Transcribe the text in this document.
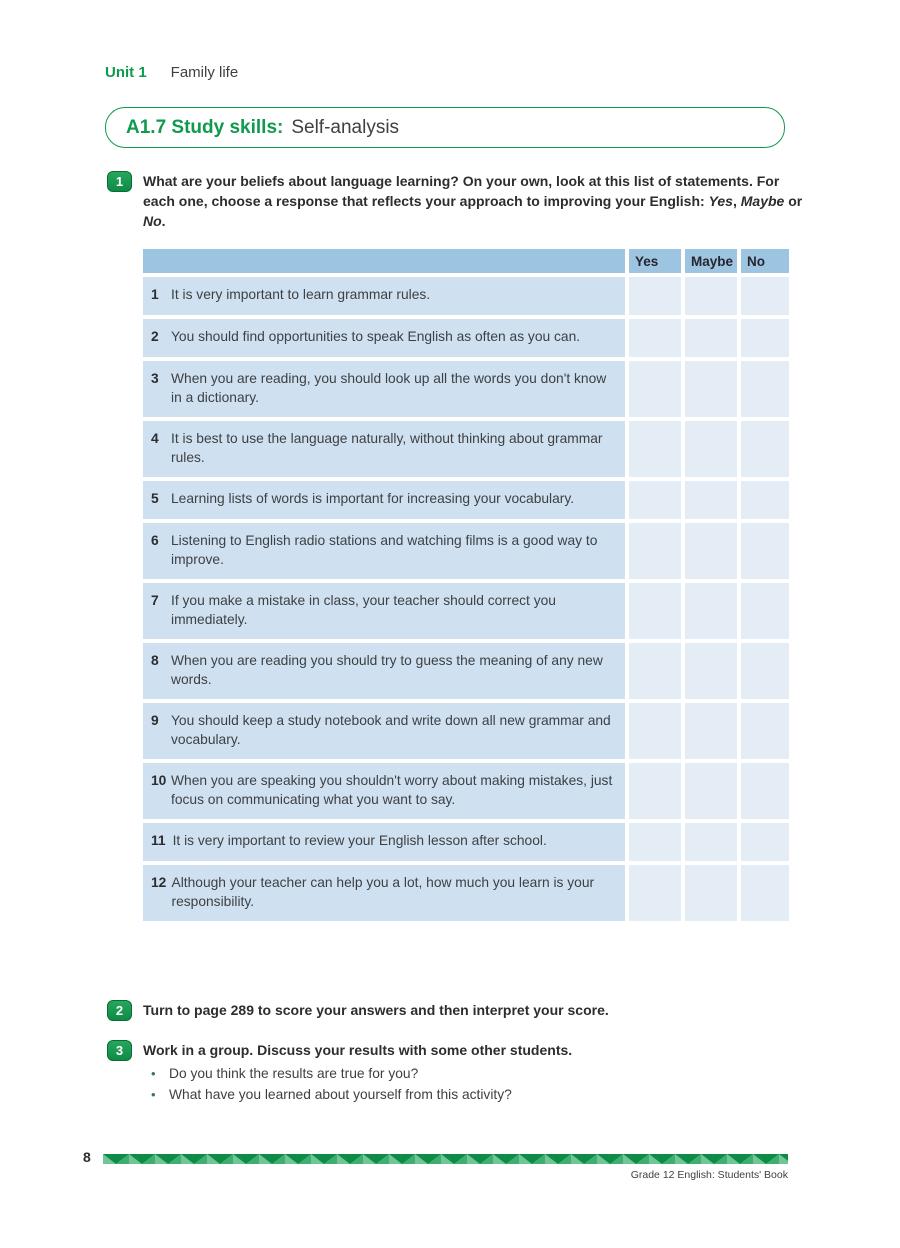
Unit 1 Family life
A1.7 Study skills: Self-analysis
1	What are your beliefs about language learning? On your own, look at this list of statements. For each one, choose a response that reflects your approach to improving your English: Yes, Maybe or No.
Yes	Maybe	No
1 It is very important to learn grammar rules.
2 You should find opportunities to speak English as often as you can.
3 When you are reading, you should look up all the words you don't know in a dictionary.
4 It is best to use the language naturally, without thinking about grammar rules.
5 Learning lists of words is important for increasing your vocabulary.
6 Listening to English radio stations and watching films is a good way to improve.
7 If you make a mistake in class, your teacher should correct you immediately.
8 When you are reading you should try to guess the meaning of any new words.
9 You should keep a study notebook and write down all new grammar and vocabulary.
10 When you are speaking you shouldn't worry about making mistakes, just focus on communicating what you want to say.
11 It is very important to review your English lesson after school.
12 Although your teacher can help you a lot, how much you learn is your responsibility.
2	Turn to page 289 to score your answers and then interpret your score.
3	Work in a group. Discuss your results with some other students.
• Do you think the results are true for you?
• What have you learned about yourself from this activity?
8
Grade 12 English: Students' Book
